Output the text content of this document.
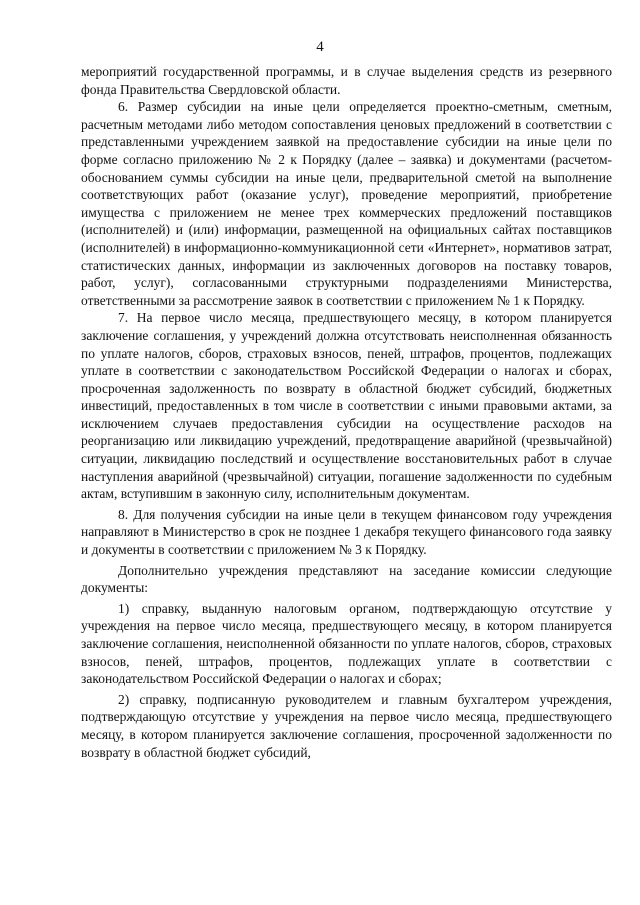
4

мероприятий государственной программы, и в случае выделения средств из резервного фонда Правительства Свердловской области.

6. Размер субсидии на иные цели определяется проектно-сметным, сметным, расчетным методами либо методом сопоставления ценовых предложений в соответствии с представленными учреждением заявкой на предоставление субсидии на иные цели по форме согласно приложению № 2 к Порядку (далее – заявка) и документами (расчетом-обоснованием суммы субсидии на иные цели, предварительной сметой на выполнение соответствующих работ (оказание услуг), проведение мероприятий, приобретение имущества с приложением не менее трех коммерческих предложений поставщиков (исполнителей) и (или) информации, размещенной на официальных сайтах поставщиков (исполнителей) в информационно-коммуникационной сети «Интернет», нормативов затрат, статистических данных, информации из заключенных договоров на поставку товаров, работ, услуг), согласованными структурными подразделениями Министерства, ответственными за рассмотрение заявок в соответствии с приложением № 1 к Порядку.

7. На первое число месяца, предшествующего месяцу, в котором планируется заключение соглашения, у учреждений должна отсутствовать неисполненная обязанность по уплате налогов, сборов, страховых взносов, пеней, штрафов, процентов, подлежащих уплате в соответствии с законодательством Российской Федерации о налогах и сборах, просроченная задолженность по возврату в областной бюджет субсидий, бюджетных инвестиций, предоставленных в том числе в соответствии с иными правовыми актами, за исключением случаев предоставления субсидии на осуществление расходов на реорганизацию или ликвидацию учреждений, предотвращение аварийной (чрезвычайной) ситуации, ликвидацию последствий и осуществление восстановительных работ в случае наступления аварийной (чрезвычайной) ситуации, погашение задолженности по судебным актам, вступившим в законную силу, исполнительным документам.

8. Для получения субсидии на иные цели в текущем финансовом году учреждения направляют в Министерство в срок не позднее 1 декабря текущего финансового года заявку и документы в соответствии с приложением № 3 к Порядку.

Дополнительно учреждения представляют на заседание комиссии следующие документы:

1) справку, выданную налоговым органом, подтверждающую отсутствие у учреждения на первое число месяца, предшествующего месяцу, в котором планируется заключение соглашения, неисполненной обязанности по уплате налогов, сборов, страховых взносов, пеней, штрафов, процентов, подлежащих уплате в соответствии с законодательством Российской Федерации о налогах и сборах;

2) справку, подписанную руководителем и главным бухгалтером учреждения, подтверждающую отсутствие у учреждения на первое число месяца, предшествующего месяцу, в котором планируется заключение соглашения, просроченной задолженности по возврату в областной бюджет субсидий,
